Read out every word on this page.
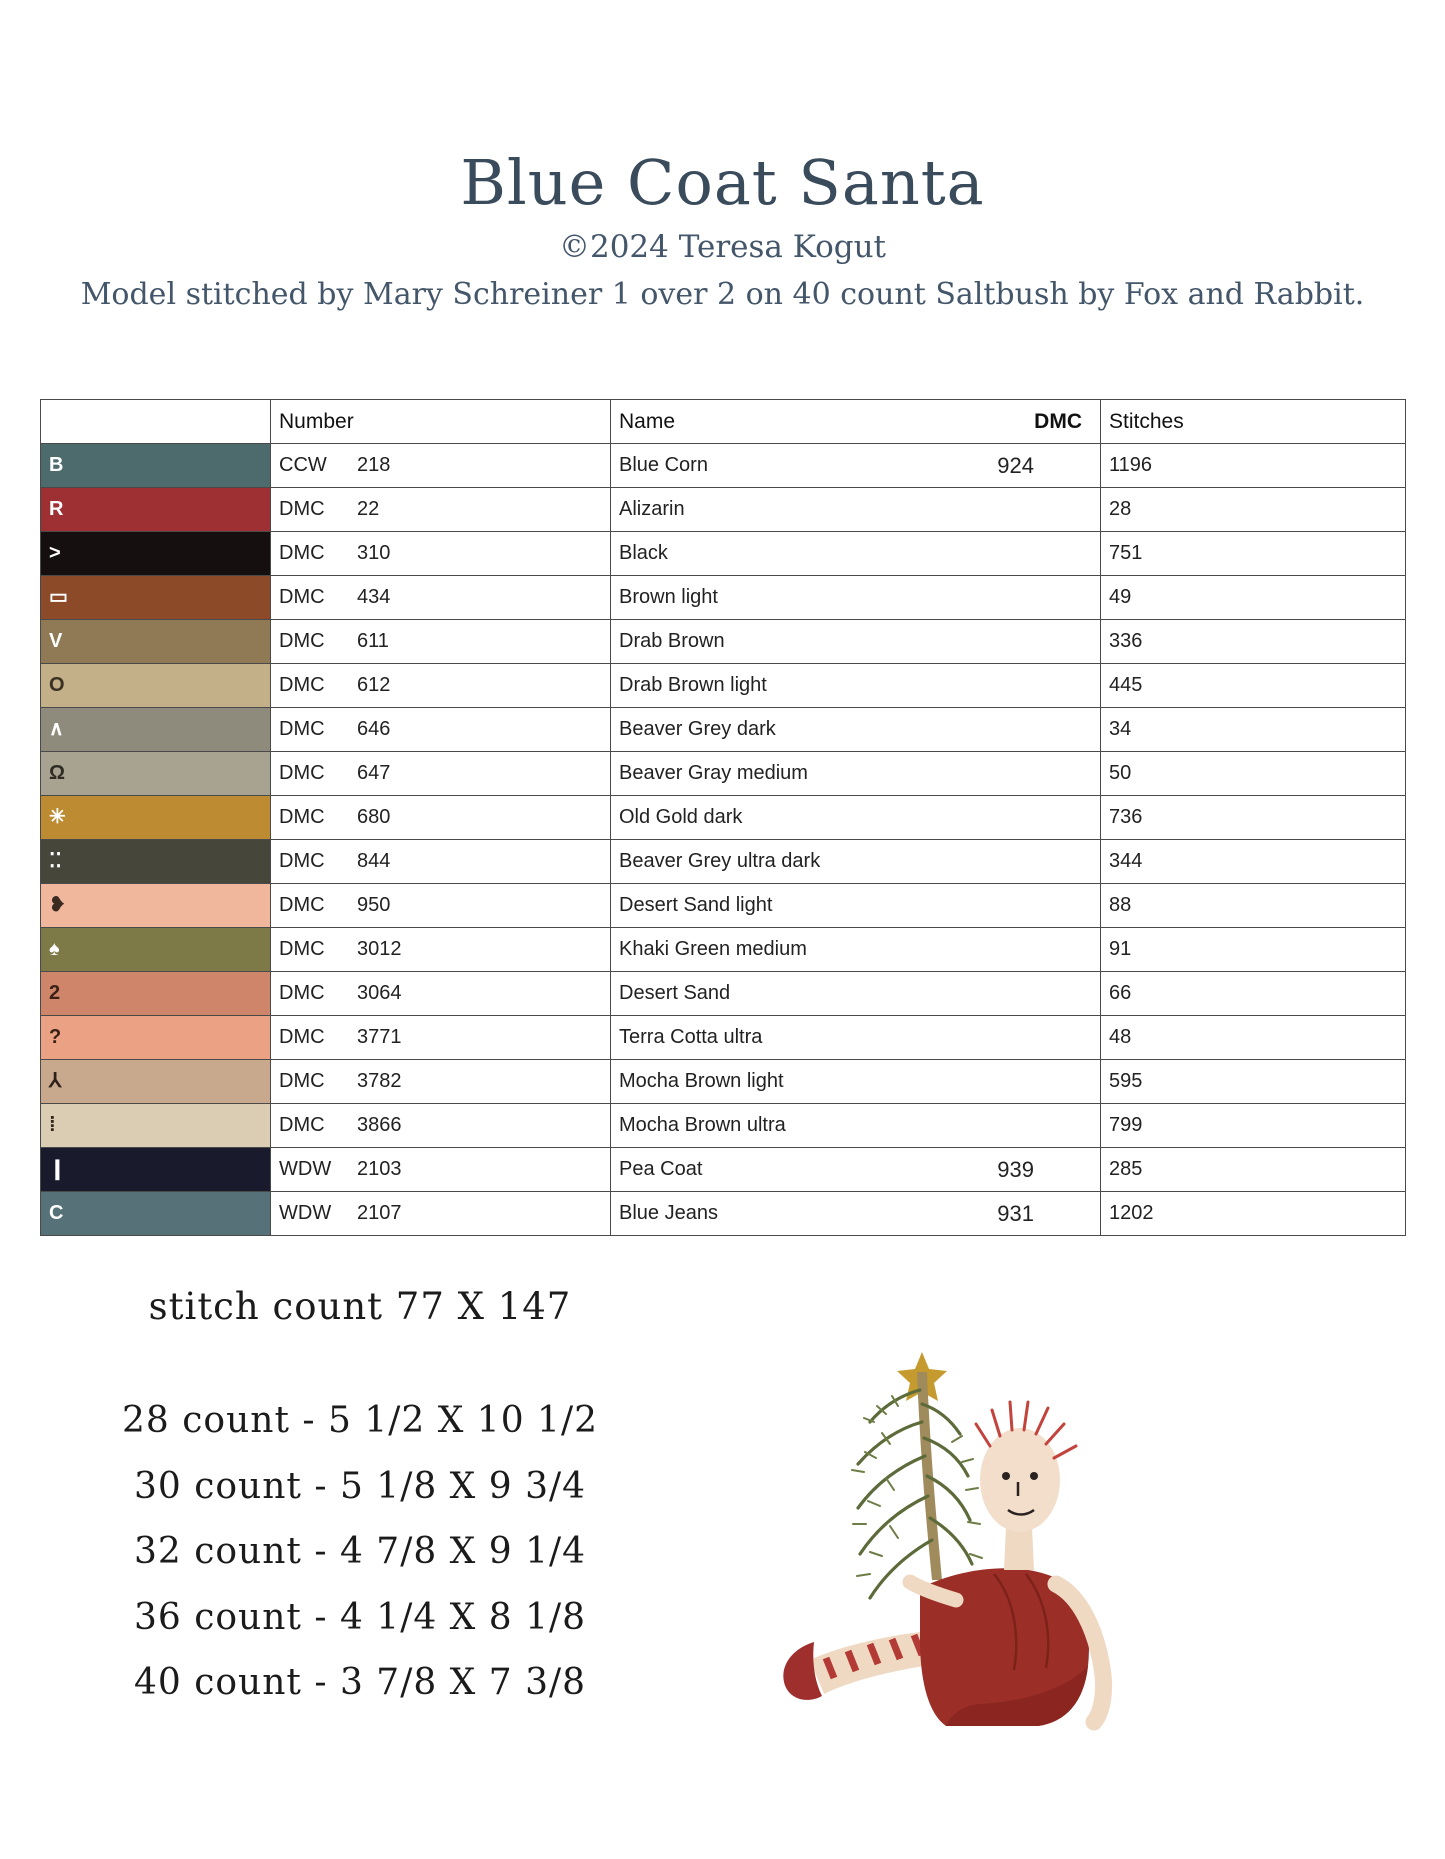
Blue Coat Santa
©2024 Teresa Kogut
Model stitched by Mary Schreiner 1 over 2 on 40 count Saltbush by Fox and Rabbit.
	Number	Name DMC	Stitches

B	CCW 218	Blue Corn 924	1196

R	DMC 22	Alizarin	28

>	DMC 310	Black	751

▭	DMC 434	Brown light	49

V	DMC 611	Drab Brown	336

O	DMC 612	Drab Brown light	445

∧	DMC 646	Beaver Grey dark	34

Ω	DMC 647	Beaver Gray medium	50

✳	DMC 680	Old Gold dark	736

⁚⁚	DMC 844	Beaver Grey ultra dark	344

❥	DMC 950	Desert Sand light	88

♠	DMC 3012	Khaki Green medium	91

2	DMC 3064	Desert Sand	66

?	DMC 3771	Terra Cotta ultra	48

⅄	DMC 3782	Mocha Brown light	595

⁞	DMC 3866	Mocha Brown ultra	799

❙	WDW 2103	Pea Coat 939	285

C	WDW 2107	Blue Jeans 931	1202
stitch count 77 X 147
28 count - 5 1/2 X 10 1/2
30 count - 5 1/8 X 9 3/4
32 count - 4 7/8 X 9 1/4
36 count - 4 1/4 X 8 1/8
40 count - 3 7/8 X 7 3/8
